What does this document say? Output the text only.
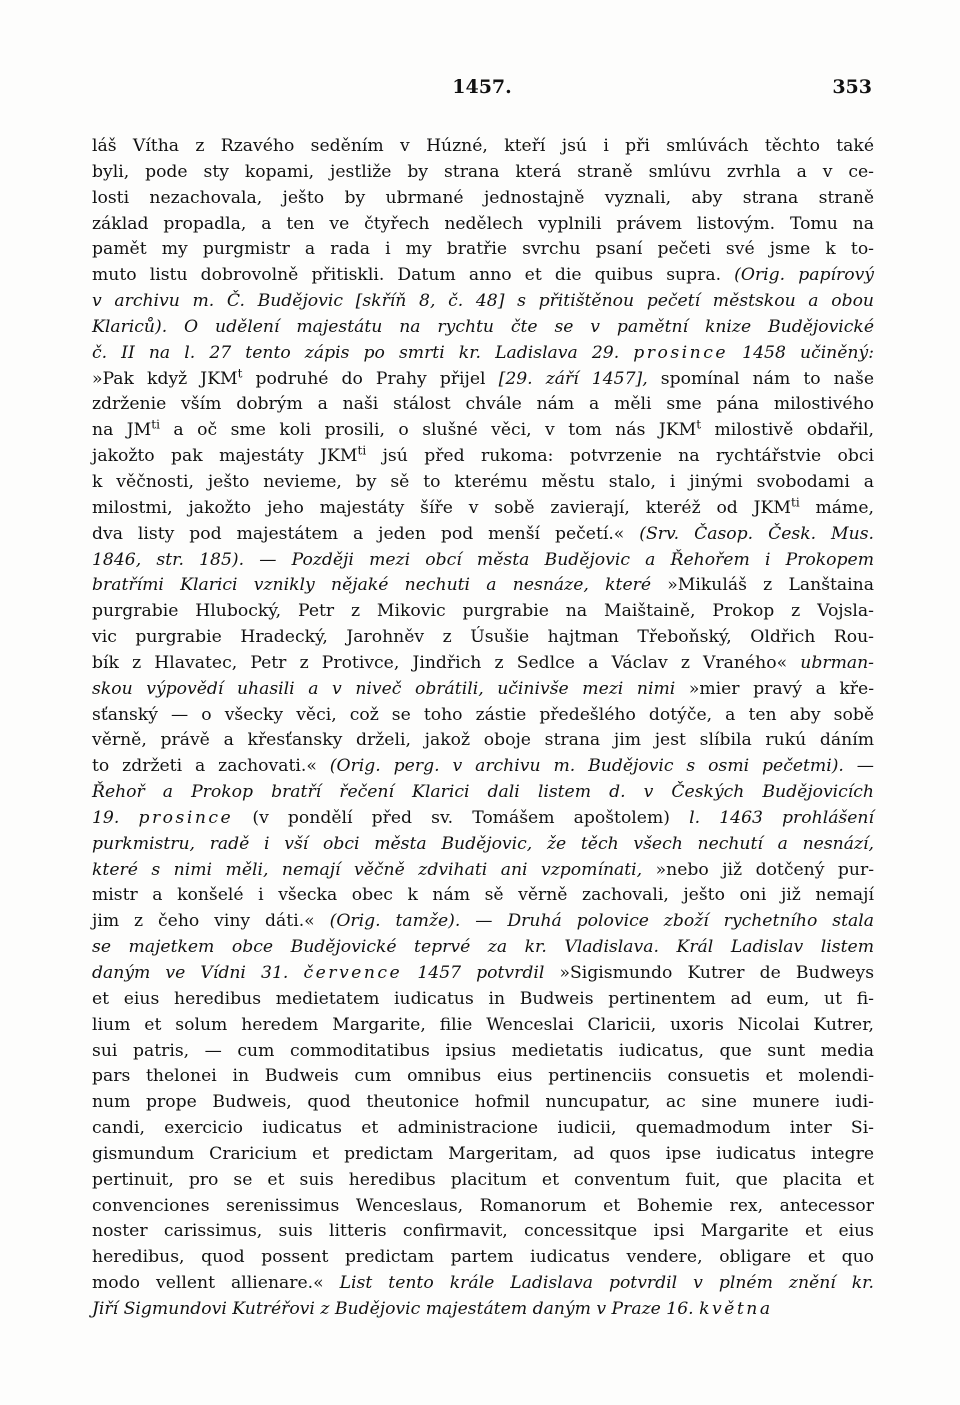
1457.	353
láš Vítha z Rzavého seděním v Húzné, kteří jsú i při smlúvách těchto také
byli, pode sty kopami, jestliže by strana která straně smlúvu zvrhla a v ce-
losti nezachovala, ješto by ubrmané jednostajně vyznali, aby strana straně
základ propadla, a ten ve čtyřech nedělech vyplnili právem listovým. Tomu na
pamět my purgmistr a rada i my bratřie svrchu psaní pečeti své jsme k to-
muto listu dobrovolně přitiskli. Datum anno et die quibus supra. (Orig. papírový
v archivu m. Č. Budějovic [skříň 8, č. 48] s přitištěnou pečetí městskou a obou
Klariců). O udělení majestátu na rychtu čte se v pamětní knize Budějovické
č. II na l. 27 tento zápis po smrti kr. Ladislava 29. prosince 1458 učiněný:
»Pak když JKM$^t$ podruhé do Prahy přijel [29. září 1457], spomínal nám to naše
zdrženie vším dobrým a naši stálost chvále nám a měli sme pána milostivého
na $JM^{ti}$ a oč sme koli prosili, o slušné věci, v tom nás JKM$^t$ milostivě obdařil,
jakožto pak majestáty $JKM^{ti}$ jsú před rukoma: potvrzenie na rychtářstvie obci
k věčnosti, ješto nevieme, by sě to kterému městu stalo, i jinými svobodami a
milostmi, jakožto jeho majestáty šíře v sobě zavierají, kteréž od $JKM^{ti}$ máme,
dva listy pod majestátem a jeden pod menší pečetí.« (Srv. Časop. Česk. Mus.
1846, str. 185). — Později mezi obcí města Budějovic a Řehořem i Prokopem
bratřími Klarici vznikly nějaké nechuti a nesnáze, které »Mikuláš z Lanštaina
purgrabie Hlubocký, Petr z Mikovic purgrabie na Maištaině, Prokop z Vojsla-
vic purgrabie Hradecký, Jarohněv z Úsušie hajtman Třeboňský, Oldřich Rou-
bík z Hlavatec, Petr z Protivce, Jindřich z Sedlce a Václav z Vraného« ubrman-
skou výpovědí uhasili a v niveč obrátili, učinivše mezi nimi »mier pravý a kře-
sťanský — o všecky věci, což se toho zástie předešlého dotýče, a ten aby sobě
věrně, právě a křesťansky drželi, jakož oboje strana jim jest slíbila rukú dáním
to zdržeti a zachovati.« (Orig. perg. v archivu m. Budějovic s osmi pečetmi). —
Řehoř a Prokop bratří řečení Klarici dali listem d. v Českých Budějovicích
19. prosince (v pondělí před sv. Tomášem apoštolem) l. 1463 prohlášení
purkmistru, radě i vší obci města Budějovic, že těch všech nechutí a nesnází,
které s nimi měli, nemají věčně zdvihati ani vzpomínati, »nebo již dotčený pur-
mistr a konšelé i všecka obec k nám sě věrně zachovali, ješto oni již nemají
jim z čeho viny dáti.« (Orig. tamže). — Druhá polovice zboží rychetního stala
se majetkem obce Budějovické teprvé za kr. Vladislava. Král Ladislav listem
daným ve Vídni 31. července 1457 potvrdil »Sigismundo Kutrer de Budweys
et eius heredibus medietatem iudicatus in Budweis pertinentem ad eum, ut fi-
lium et solum heredem Margarite, filie Wenceslai Claricii, uxoris Nicolai Kutrer,
sui patris, — cum commoditatibus ipsius medietatis iudicatus, que sunt media
pars thelonei in Budweis cum omnibus eius pertinenciis consuetis et molendi-
num prope Budweis, quod theutonice hofmil nuncupatur, ac sine munere iudi-
candi, exercicio iudicatus et administracione iudicii, quemadmodum inter Si-
gismundum Craricium et predictam Margeritam, ad quos ipse iudicatus integre
pertinuit, pro se et suis heredibus placitum et conventum fuit, que placita et
convenciones serenissimus Wenceslaus, Romanorum et Bohemie rex, antecessor
noster carissimus, suis litteris confirmavit, concessitque ipsi Margarite et eius
heredibus, quod possent predictam partem iudicatus vendere, obligare et quo
modo vellent allienare.« List tento krále Ladislava potvrdil v plném znění kr.
Jiří Sigmundovi Kutréřovi z Budějovic majestátem daným v Praze 16. května
